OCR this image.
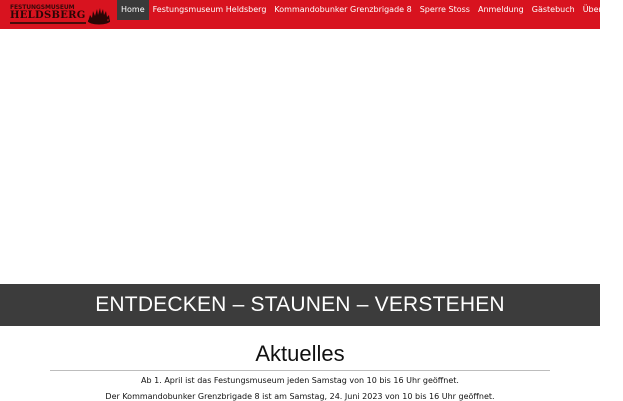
FESTUNGSMUSEUM
HELDSBERG
Home	Festungsmuseum Heldsberg	Kommandobunker Grenzbrigade 8	Sperre Stoss	Anmeldung	Gästebuch	Über uns
ENTDECKEN – STAUNEN – VERSTEHEN
Aktuelles
Ab 1. April ist das Festungsmuseum jeden Samstag von 10 bis 16 Uhr geöffnet.
Der Kommandobunker Grenzbrigade 8 ist am Samstag, 24. Juni 2023 von 10 bis 16 Uhr geöffnet.
